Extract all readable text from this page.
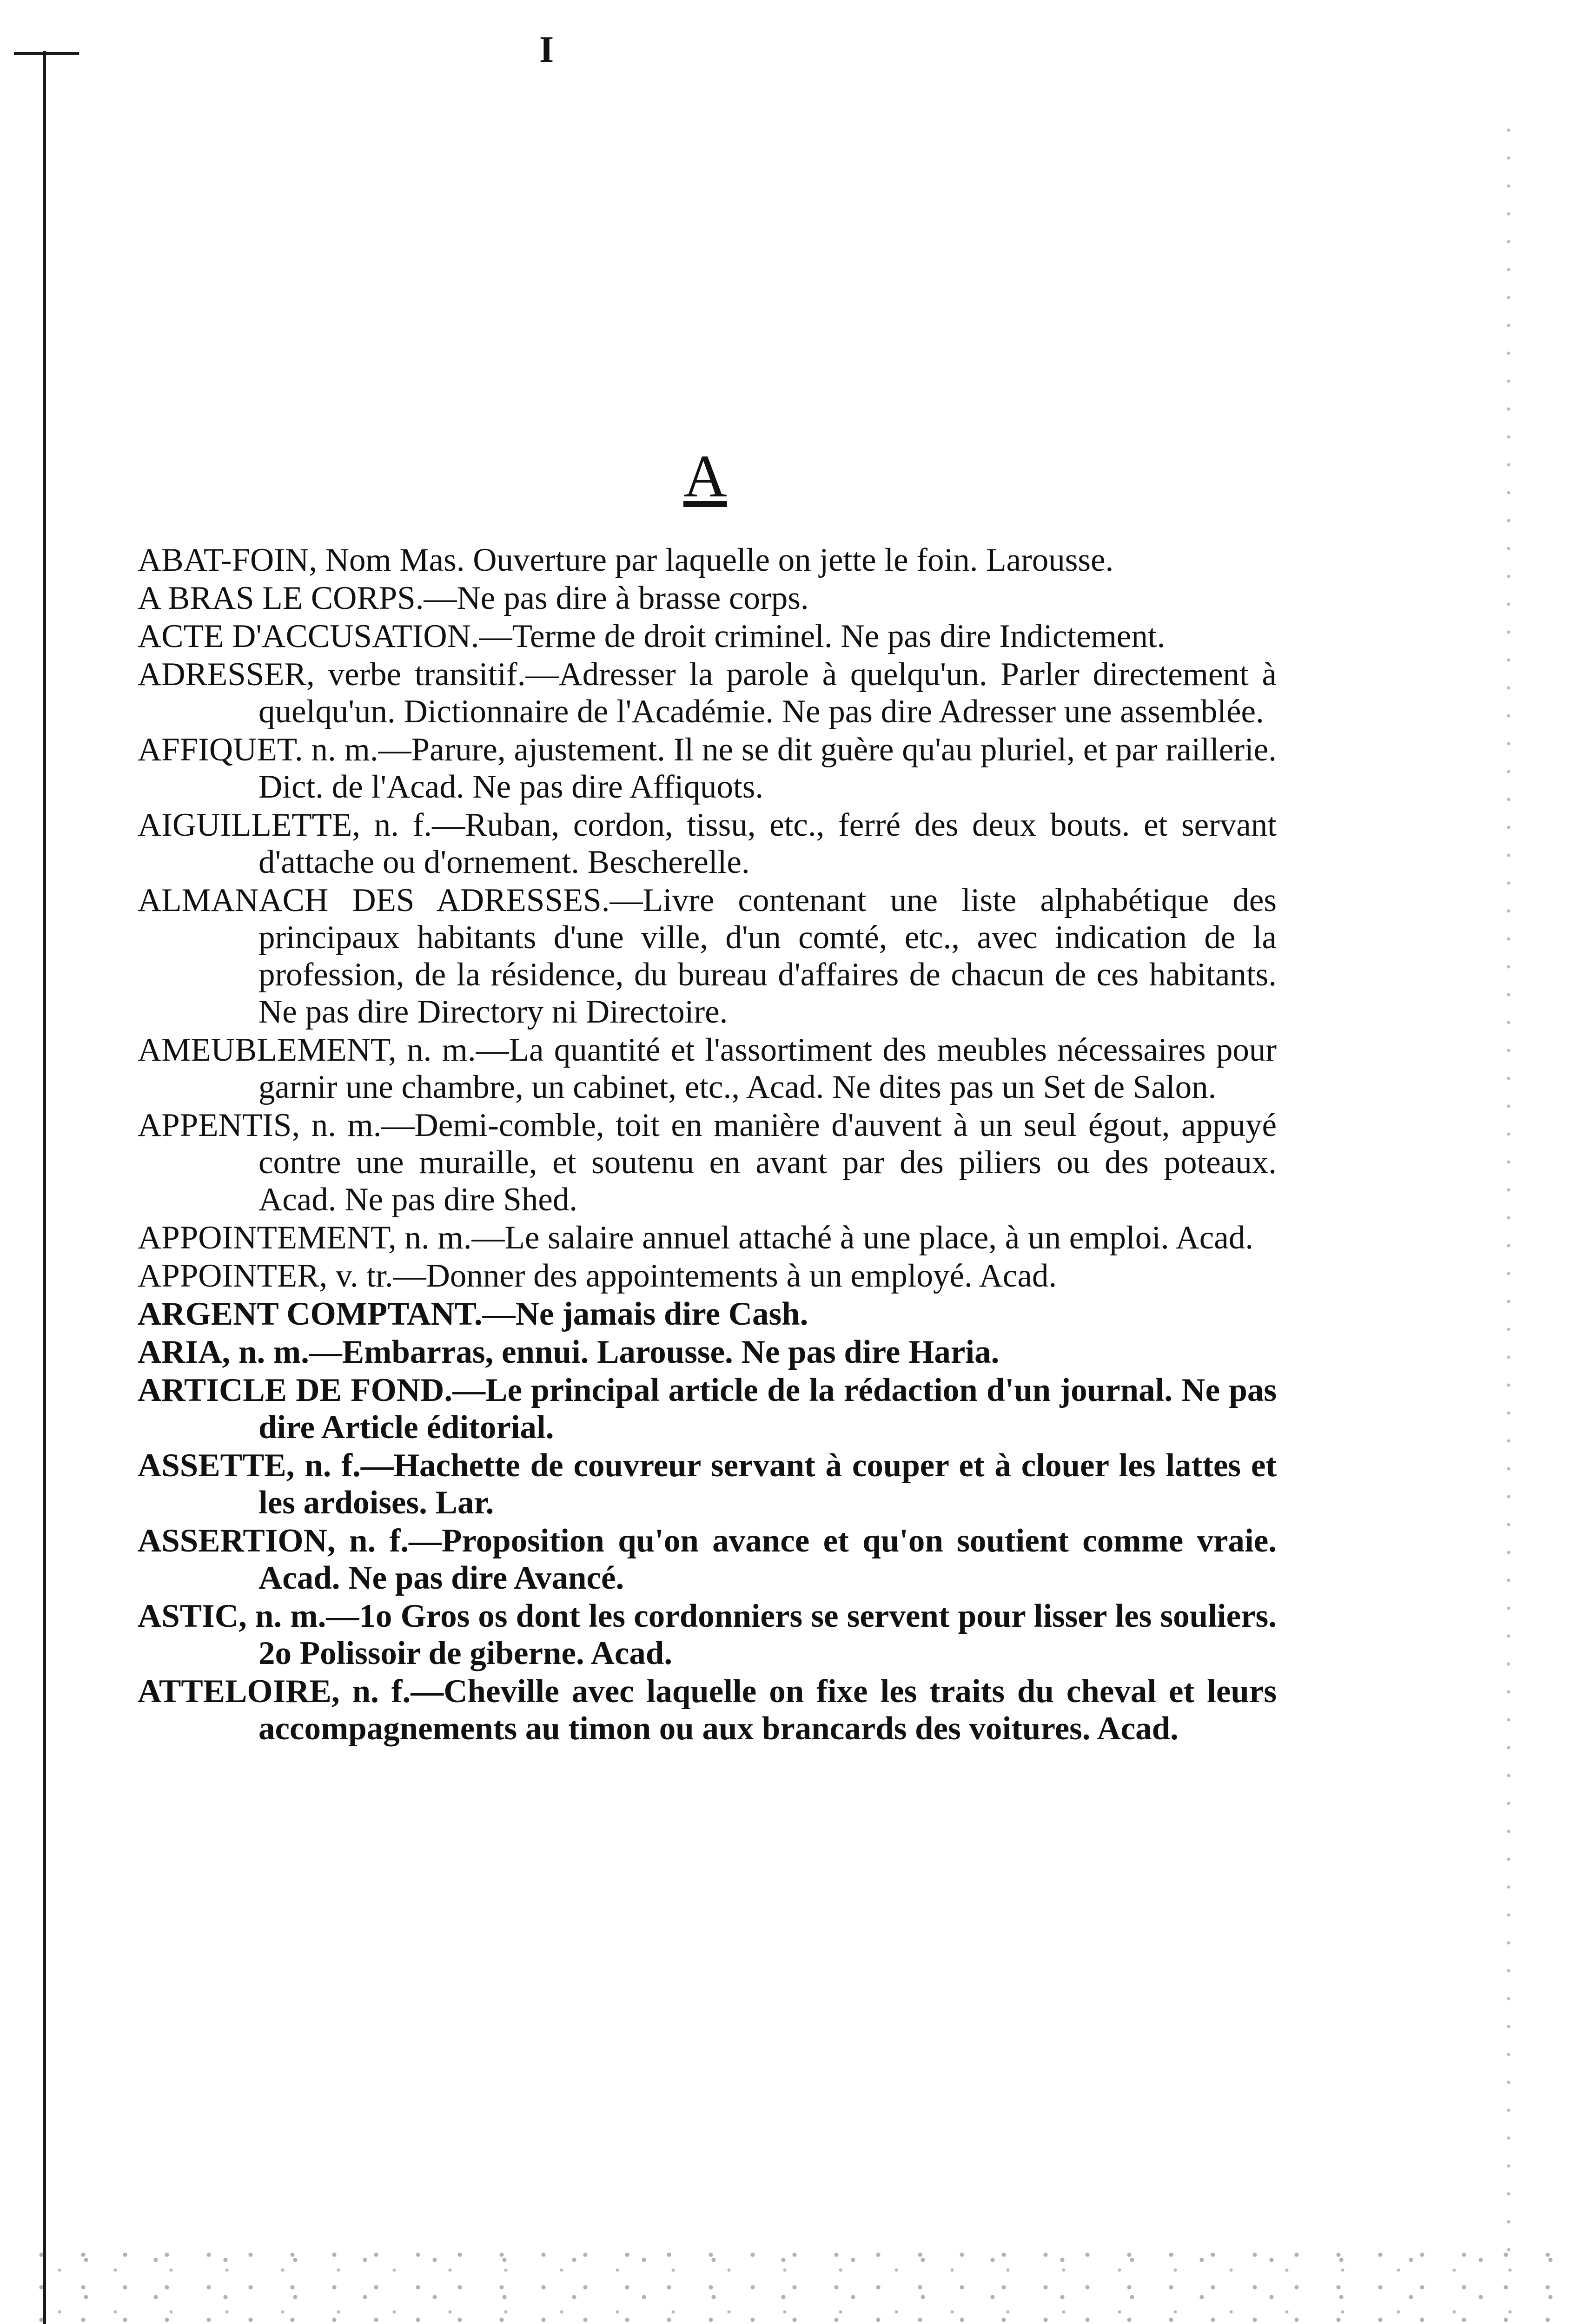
I
A

ABAT-FOIN, Nom Mas. Ouverture par laquelle on jette le foin. Larousse.

A BRAS LE CORPS.—Ne pas dire à brasse corps.

ACTE D'ACCUSATION.—Terme de droit criminel. Ne pas dire Indictement.

ADRESSER, verbe transitif.—Adresser la parole à quelqu'un. Parler directement à quelqu'un. Dictionnaire de l'Académie. Ne pas dire Adresser une assemblée.

AFFIQUET. n. m.—Parure, ajustement. Il ne se dit guère qu'au pluriel, et par raillerie. Dict. de l'Acad. Ne pas dire Affiquots.

AIGUILLETTE, n. f.—Ruban, cordon, tissu, etc., ferré des deux bouts. et servant d'attache ou d'ornement. Bescherelle.

ALMANACH DES ADRESSES.—Livre contenant une liste alphabétique des principaux habitants d'une ville, d'un comté, etc., avec indication de la profession, de la résidence, du bureau d'affaires de chacun de ces habitants. Ne pas dire Directory ni Directoire.

AMEUBLEMENT, n. m.—La quantité et l'assortiment des meubles nécessaires pour garnir une chambre, un cabinet, etc., Acad. Ne dites pas un Set de Salon.

APPENTIS, n. m.—Demi-comble, toit en manière d'auvent à un seul égout, appuyé contre une muraille, et soutenu en avant par des piliers ou des poteaux. Acad. Ne pas dire Shed.

APPOINTEMENT, n. m.—Le salaire annuel attaché à une place, à un emploi. Acad.

APPOINTER, v. tr.—Donner des appointements à un employé. Acad.

ARGENT COMPTANT.—Ne jamais dire Cash.

ARIA, n. m.—Embarras, ennui. Larousse. Ne pas dire Haria.

ARTICLE DE FOND.—Le principal article de la rédaction d'un journal. Ne pas dire Article éditorial.

ASSETTE, n. f.—Hachette de couvreur servant à couper et à clouer les lattes et les ardoises. Lar.

ASSERTION, n. f.—Proposition qu'on avance et qu'on soutient comme vraie. Acad. Ne pas dire Avancé.

ASTIC, n. m.—1o Gros os dont les cordonniers se servent pour lisser les souliers. 2o Polissoir de giberne. Acad.

ATTELOIRE, n. f.—Cheville avec laquelle on fixe les traits du cheval et leurs accompagnements au timon ou aux brancards des voitures. Acad.
